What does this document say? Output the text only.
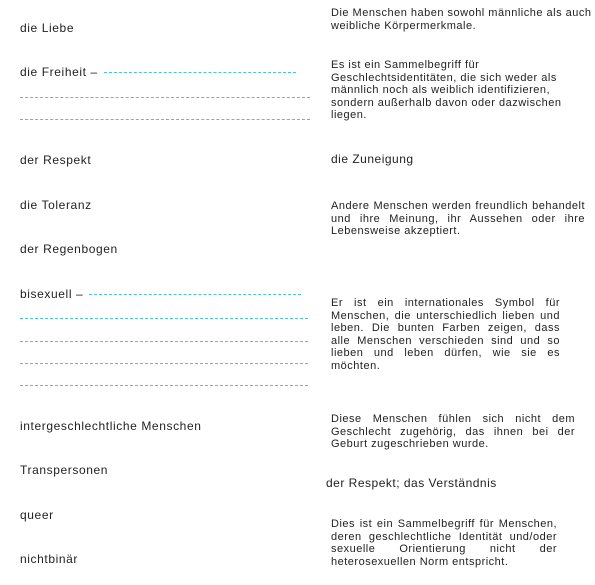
die Liebe
die Freiheit –
der Respekt
die Toleranz
der Regenbogen
bisexuell –
intergeschlechtliche Menschen
Transpersonen
queer
nichtbinär
Die Menschen haben sowohl männliche als auch weibliche Körpermerkmale.
Es ist ein Sammelbegriff für Geschlechtsidentitäten, die sich weder als männlich noch als weiblich identifizieren, sondern außerhalb davon oder dazwischen liegen.
die Zuneigung
Andere Menschen werden freundlich behandelt und ihre Meinung, ihr Aussehen oder ihre Lebensweise akzeptiert.
Er ist ein internationales Symbol für Menschen, die unterschiedlich lieben und leben. Die bunten Farben zeigen, dass alle Menschen verschieden sind und so lieben und leben dürfen, wie sie es möchten.
Diese Menschen fühlen sich nicht dem Geschlecht zugehörig, das ihnen bei der Geburt zugeschrieben wurde.
der Respekt; das Verständnis
Dies ist ein Sammelbegriff für Menschen, deren geschlechtliche Identität und/oder sexuelle Orientierung nicht der heterosexuellen Norm entspricht.
